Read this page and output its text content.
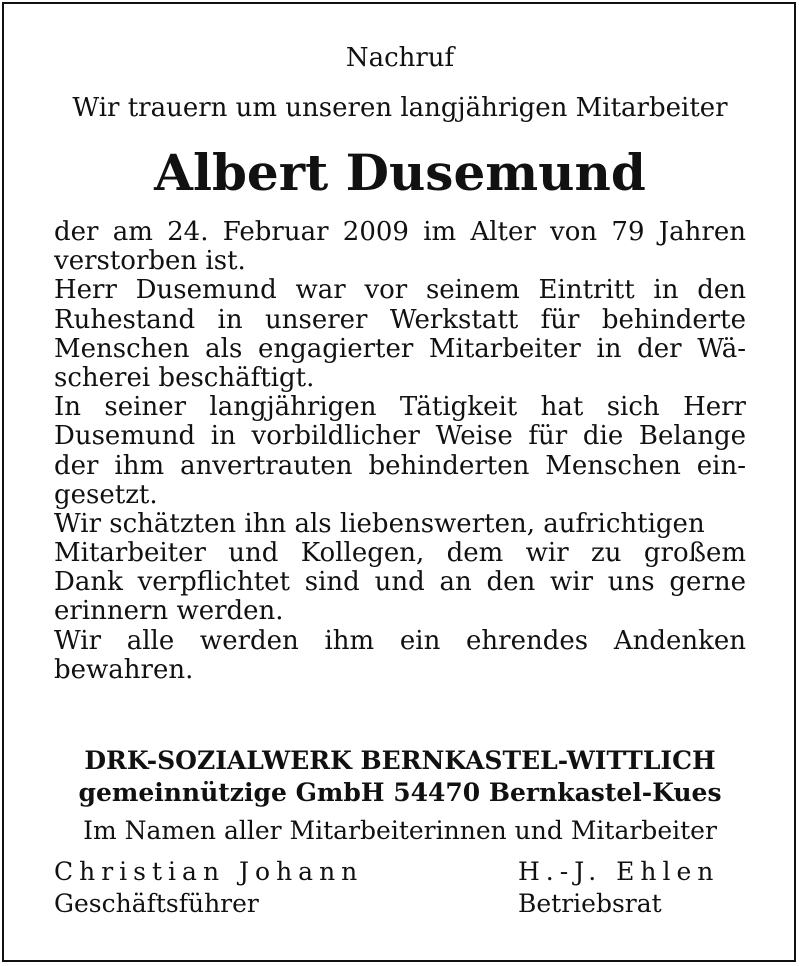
Nachruf
Wir trauern um unseren langjährigen Mitarbeiter
Albert Dusemund
der am 24. Februar 2009 im Alter von 79 Jahren
verstorben ist.
Herr Dusemund war vor seinem Eintritt in den
Ruhestand in unserer Werkstatt für behinderte
Menschen als engagierter Mitarbeiter in der Wä-
scherei beschäftigt.
In seiner langjährigen Tätigkeit hat sich Herr
Dusemund in vorbildlicher Weise für die Belange
der ihm anvertrauten behinderten Menschen ein-
gesetzt.
Wir schätzten ihn als liebenswerten, aufrichtigen
Mitarbeiter und Kollegen, dem wir zu großem
Dank verpflichtet sind und an den wir uns gerne
erinnern werden.
Wir alle werden ihm ein ehrendes Andenken
bewahren.
DRK-SOZIALWERK BERNKASTEL-WITTLICH
gemeinnützige GmbH 54470 Bernkastel-Kues
Im Namen aller Mitarbeiterinnen und Mitarbeiter
Christian Johann
Geschäftsführer
H.-J. Ehlen
Betriebsrat
